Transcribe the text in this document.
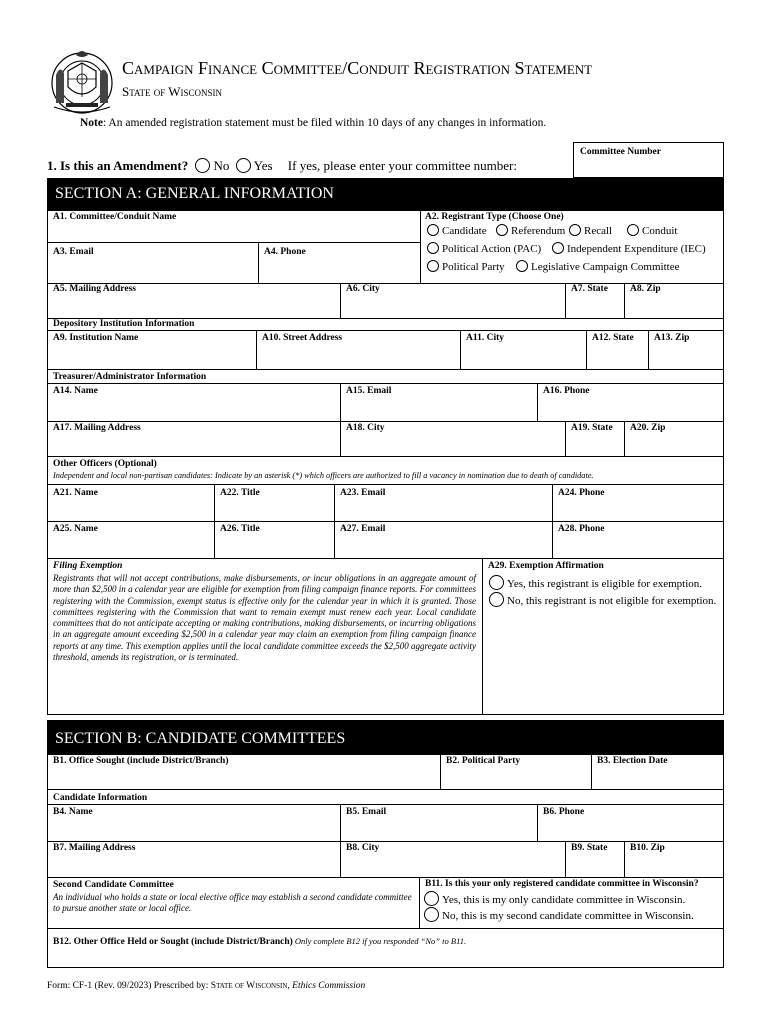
Campaign Finance Committee/Conduit Registration Statement
State of Wisconsin
Note: An amended registration statement must be filed within 10 days of any changes in information.
1. Is this an Amendment? No Yes If yes, please enter your committee number:
Committee Number
SECTION A: GENERAL INFORMATION
A1. Committee/Conduit Name	A2. Registrant Type (Choose One)
A3. Email	A4. Phone
Candidate	Referendum	Recall	Conduit
Political Action (PAC)	Independent Expenditure (IEC)
Political Party	Legislative Campaign Committee
A5. Mailing Address	A6. City	A7. State A8. Zip
Depository Institution Information
A9. Institution Name	A10. Street Address	A11. City	A12. State A13. Zip
Treasurer/Administrator Information
A14. Name	A15. Email	A16. Phone
A17. Mailing Address	A18. City	A19. State A20. Zip
Other Officers (Optional)
Independent and local non-partisan candidates: Indicate by an asterisk (*) which officers are authorized to fill a vacancy in nomination due to death of candidate.
A21. Name	A22. Title	A23. Email	A24. Phone
A25. Name	A26. Title	A27. Email	A28. Phone
Filing Exemption
Registrants that will not accept contributions, make disbursements, or incur obligations in an aggregate amount of more than $2,500 in a calendar year are eligible for exemption from filing campaign finance reports. For committees registering with the Commission, exempt status is effective only for the calendar year in which it is granted. Those committees registering with the Commission that want to remain exempt must renew each year. Local candidate committees that do not anticipate accepting or making contributions, making disbursements, or incurring obligations in an aggregate amount exceeding $2,500 in a calendar year may claim an exemption from filing campaign finance reports at any time. This exemption applies until the local candidate committee exceeds the $2,500 aggregate activity threshold, amends its registration, or is terminated.
A29. Exemption Affirmation
Yes, this registrant is eligible for exemption.
No, this registrant is not eligible for exemption.
SECTION B: CANDIDATE COMMITTEES
B1. Office Sought (include District/Branch)	B2. Political Party	B3. Election Date
Candidate Information
B4. Name	B5. Email	B6. Phone
B7. Mailing Address	B8. City	B9. State B10. Zip
Second Candidate Committee
An individual who holds a state or local elective office may establish a second candidate committee to pursue another state or local office.
B11. Is this your only registered candidate committee in Wisconsin?
Yes, this is my only candidate committee in Wisconsin.
No, this is my second candidate committee in Wisconsin.
B12. Other Office Held or Sought (include District/Branch) Only complete B12 if you responded “No” to B11.
Form: CF-1 (Rev. 09/2023) Prescribed by: State of Wisconsin, Ethics Commission
